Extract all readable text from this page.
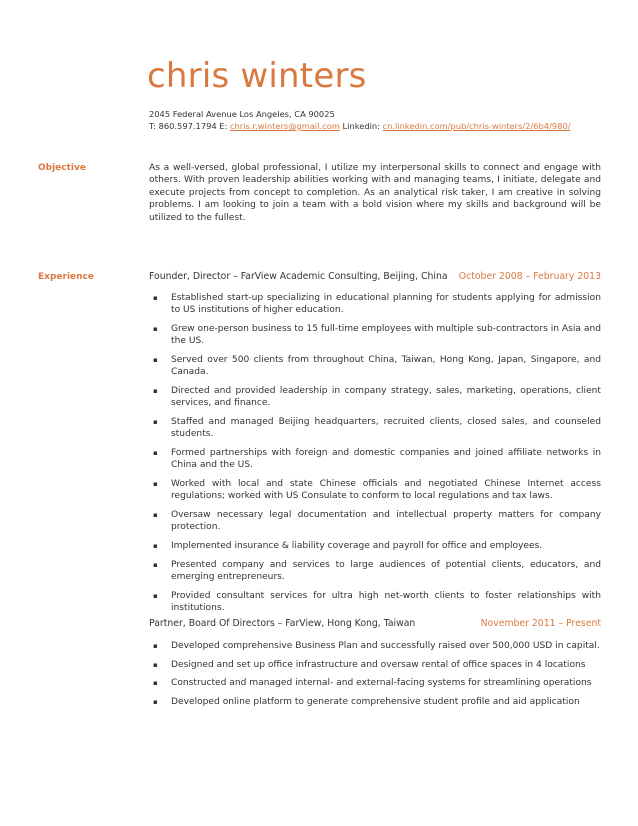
chris winters
2045 Federal Avenue Los Angeles, CA 90025
T: 860.597.1794 E: chris.r.winters@gmail.com Linkedin: cn.linkedin.com/pub/chris-winters/2/6b4/980/
Objective	As a well-versed, global professional, I utilize my interpersonal skills to connect and engage with others. With proven leadership abilities working with and managing teams, I initiate, delegate and execute projects from concept to completion. As an analytical risk taker, I am creative in solving problems. I am looking to join a team with a bold vision where my skills and background will be utilized to the fullest.
Experience	Founder, Director – FarView Academic Consulting, Beijing, China October 2008 – February 2013
▪ Established start-up specializing in educational planning for students applying for admission to US institutions of higher education.
▪ Grew one-person business to 15 full-time employees with multiple sub-contractors in Asia and the US.
▪ Served over 500 clients from throughout China, Taiwan, Hong Kong, Japan, Singapore, and Canada.
▪ Directed and provided leadership in company strategy, sales, marketing, operations, client services, and finance.
▪ Staffed and managed Beijing headquarters, recruited clients, closed sales, and counseled students.
▪ Formed partnerships with foreign and domestic companies and joined affiliate networks in China and the US.
▪ Worked with local and state Chinese officials and negotiated Chinese Internet access regulations; worked with US Consulate to conform to local regulations and tax laws.
▪ Oversaw necessary legal documentation and intellectual property matters for company protection.
▪ Implemented insurance & liability coverage and payroll for office and employees.
▪ Presented company and services to large audiences of potential clients, educators, and emerging entrepreneurs.
▪ Provided consultant services for ultra high net-worth clients to foster relationships with institutions.
Partner, Board Of Directors – FarView, Hong Kong, Taiwan	November 2011 – Present
▪ Developed comprehensive Business Plan and successfully raised over 500,000 USD in capital.
▪ Designed and set up office infrastructure and oversaw rental of office spaces in 4 locations
▪ Constructed and managed internal- and external-facing systems for streamlining operations
▪ Developed online platform to generate comprehensive student profile and aid application
